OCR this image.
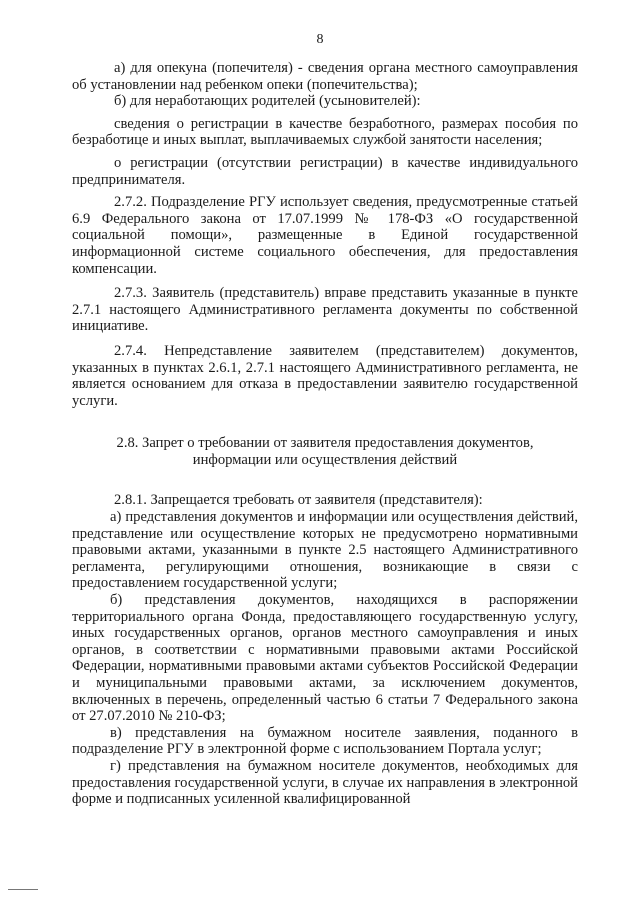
8

а) для опекуна (попечителя) - сведения органа местного самоуправления об установлении над ребенком опеки (попечительства);

б) для неработающих родителей (усыновителей):

сведения о регистрации в качестве безработного, размерах пособия по безработице и иных выплат, выплачиваемых службой занятости населения;

о регистрации (отсутствии регистрации) в качестве индивидуального предпринимателя.

2.7.2. Подразделение РГУ использует сведения, предусмотренные статьей 6.9 Федерального закона от 17.07.1999 № 178-ФЗ «О государственной социальной помощи», размещенные в Единой государственной информационной системе социального обеспечения, для предоставления компенсации.

2.7.3. Заявитель (представитель) вправе представить указанные в пункте 2.7.1 настоящего Административного регламента документы по собственной инициативе.

2.7.4. Непредставление заявителем (представителем) документов, указанных в пунктах 2.6.1, 2.7.1 настоящего Административного регламента, не является основанием для отказа в предоставлении заявителю государственной услуги.

2.8. Запрет о требовании от заявителя предоставления документов, информации или осуществления действий

2.8.1. Запрещается требовать от заявителя (представителя):

а) представления документов и информации или осуществления действий, представление или осуществление которых не предусмотрено нормативными правовыми актами, указанными в пункте 2.5 настоящего Административного регламента, регулирующими отношения, возникающие в связи с предоставлением государственной услуги;

б) представления документов, находящихся в распоряжении территориального органа Фонда, предоставляющего государственную услугу, иных государственных органов, органов местного самоуправления и иных органов, в соответствии с нормативными правовыми актами Российской Федерации, нормативными правовыми актами субъектов Российской Федерации и муниципальными правовыми актами, за исключением документов, включенных в перечень, определенный частью 6 статьи 7 Федерального закона от 27.07.2010 № 210-ФЗ;

в) представления на бумажном носителе заявления, поданного в подразделение РГУ в электронной форме с использованием Портала услуг;

г) представления на бумажном носителе документов, необходимых для предоставления государственной услуги, в случае их направления в электронной форме и подписанных усиленной квалифицированной
